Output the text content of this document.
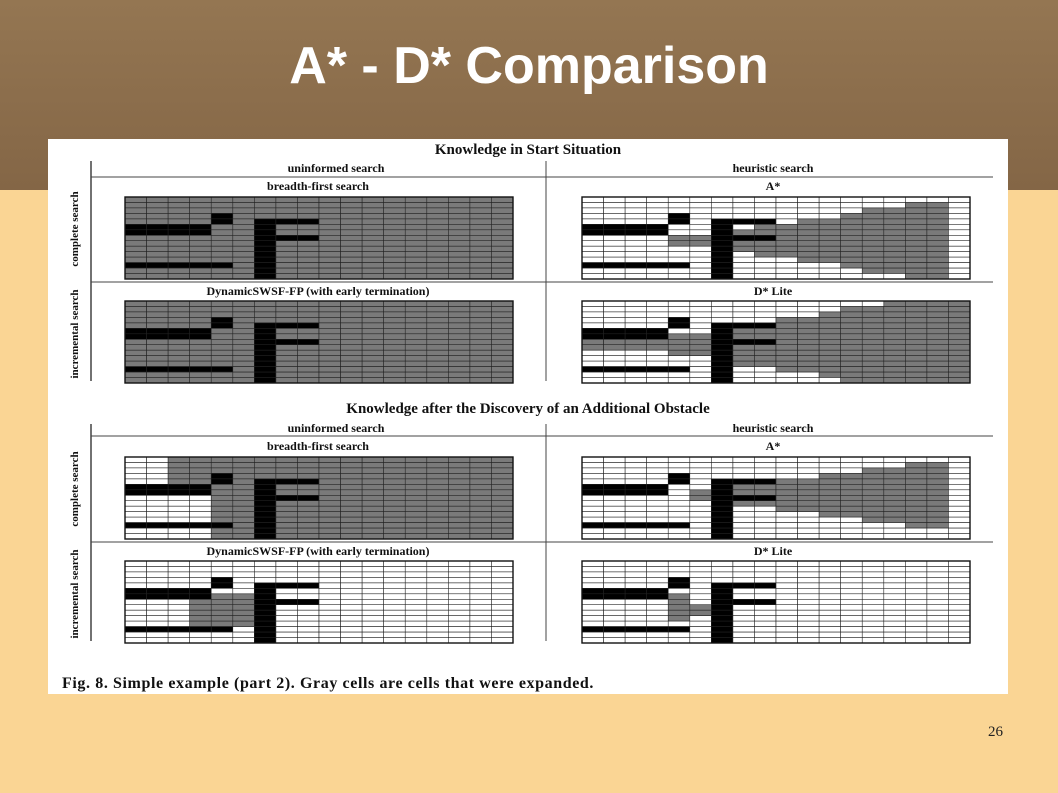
A* - D* Comparison
Knowledge in Start Situation
uninformed search	heuristic search
breadth-first search	A*
DynamicSWSF-FP (with early termination)	D* Lite
Knowledge after the Discovery of an Additional Obstacle
uninformed search	heuristic search
breadth-first search	A*
DynamicSWSF-FP (with early termination)	D* Lite
complete search
incremental search
complete search
incremental search
Fig. 8. Simple example (part 2). Gray cells are cells that were expanded.
26
